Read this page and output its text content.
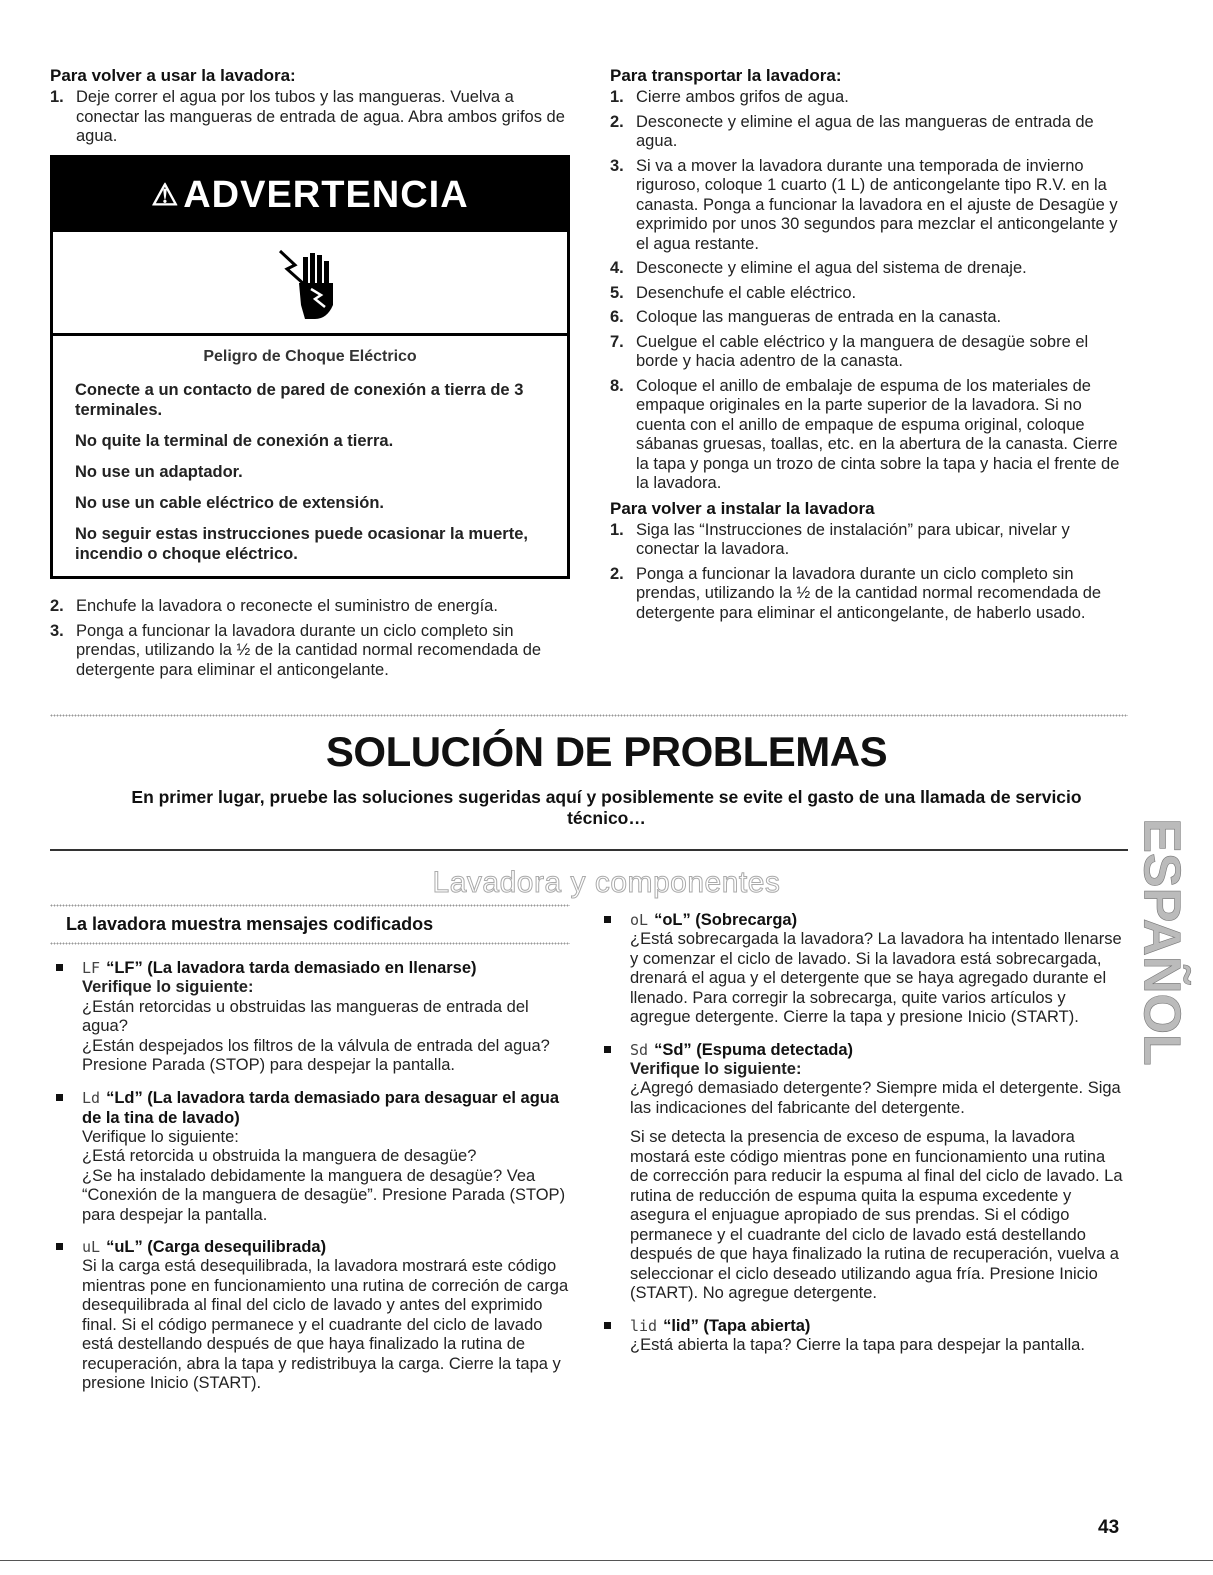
Para volver a usar la lavadora:
1. Deje correr el agua por los tubos y las mangueras. Vuelva a conectar las mangueras de entrada de agua. Abra ambos grifos de agua.
⚠ ADVERTENCIA
Peligro de Choque Eléctrico
Conecte a un contacto de pared de conexión a tierra de 3 terminales.
No quite la terminal de conexión a tierra.
No use un adaptador.
No use un cable eléctrico de extensión.
No seguir estas instrucciones puede ocasionar la muerte, incendio o choque eléctrico.
2. Enchufe la lavadora o reconecte el suministro de energía.
3. Ponga a funcionar la lavadora durante un ciclo completo sin prendas, utilizando la ½ de la cantidad normal recomendada de detergente para eliminar el anticongelante.
Para transportar la lavadora:
1. Cierre ambos grifos de agua.
2. Desconecte y elimine el agua de las mangueras de entrada de agua.
3. Si va a mover la lavadora durante una temporada de invierno riguroso, coloque 1 cuarto (1 L) de anticongelante tipo R.V. en la canasta. Ponga a funcionar la lavadora en el ajuste de Desagüe y exprimido por unos 30 segundos para mezclar el anticongelante y el agua restante.
4. Desconecte y elimine el agua del sistema de drenaje.
5. Desenchufe el cable eléctrico.
6. Coloque las mangueras de entrada en la canasta.
7. Cuelgue el cable eléctrico y la manguera de desagüe sobre el borde y hacia adentro de la canasta.
8. Coloque el anillo de embalaje de espuma de los materiales de empaque originales en la parte superior de la lavadora. Si no cuenta con el anillo de empaque de espuma original, coloque sábanas gruesas, toallas, etc. en la abertura de la canasta. Cierre la tapa y ponga un trozo de cinta sobre la tapa y hacia el frente de la lavadora.
Para volver a instalar la lavadora
1. Siga las “Instrucciones de instalación” para ubicar, nivelar y conectar la lavadora.
2. Ponga a funcionar la lavadora durante un ciclo completo sin prendas, utilizando la ½ de la cantidad normal recomendada de detergente para eliminar el anticongelante, de haberlo usado.
SOLUCIÓN DE PROBLEMAS
En primer lugar, pruebe las soluciones sugeridas aquí y posiblemente se evite el gasto de una llamada de servicio técnico…
Lavadora y componentes
La lavadora muestra mensajes codificados
LF “LF” (La lavadora tarda demasiado en llenarse)

Verifique lo siguiente:

¿Están retorcidas u obstruidas las mangueras de entrada del agua?

¿Están despejados los filtros de la válvula de entrada del agua?

Presione Parada (STOP) para despejar la pantalla.

Ld “Ld” (La lavadora tarda demasiado para desaguar el agua de la tina de lavado)

Verifique lo siguiente:

¿Está retorcida u obstruida la manguera de desagüe?

¿Se ha instalado debidamente la manguera de desagüe? Vea “Conexión de la manguera de desagüe”. Presione Parada (STOP) para despejar la pantalla.

uL “uL” (Carga desequilibrada)

Si la carga está desequilibrada, la lavadora mostrará este código mientras pone en funcionamiento una rutina de correción de carga desequilibrada al final del ciclo de lavado y antes del exprimido final. Si el código permanece y el cuadrante del ciclo de lavado está destellando después de que haya finalizado la rutina de recuperación, abra la tapa y redistribuya la carga. Cierre la tapa y presione Inicio (START).

oL “oL” (Sobrecarga)

¿Está sobrecargada la lavadora? La lavadora ha intentado llenarse y comenzar el ciclo de lavado. Si la lavadora está sobrecargada, drenará el agua y el detergente que se haya agregado durante el llenado. Para corregir la sobrecarga, quite varios artículos y agregue detergente. Cierre la tapa y presione Inicio (START).

Sd “Sd” (Espuma detectada)

Verifique lo siguiente:

¿Agregó demasiado detergente? Siempre mida el detergente. Siga las indicaciones del fabricante del detergente.

Si se detecta la presencia de exceso de espuma, la lavadora mostará este código mientras pone en funcionamiento una rutina de corrección para reducir la espuma al final del ciclo de lavado. La rutina de reducción de espuma quita la espuma excedente y asegura el enjuague apropiado de sus prendas. Si el código permanece y el cuadrante del ciclo de lavado está destellando después de que haya finalizado la rutina de recuperación, vuelva a seleccionar el ciclo deseado utilizando agua fría. Presione Inicio (START). No agregue detergente.

lid “lid” (Tapa abierta)

¿Está abierta la tapa? Cierre la tapa para despejar la pantalla.

ESPAÑOL
43
